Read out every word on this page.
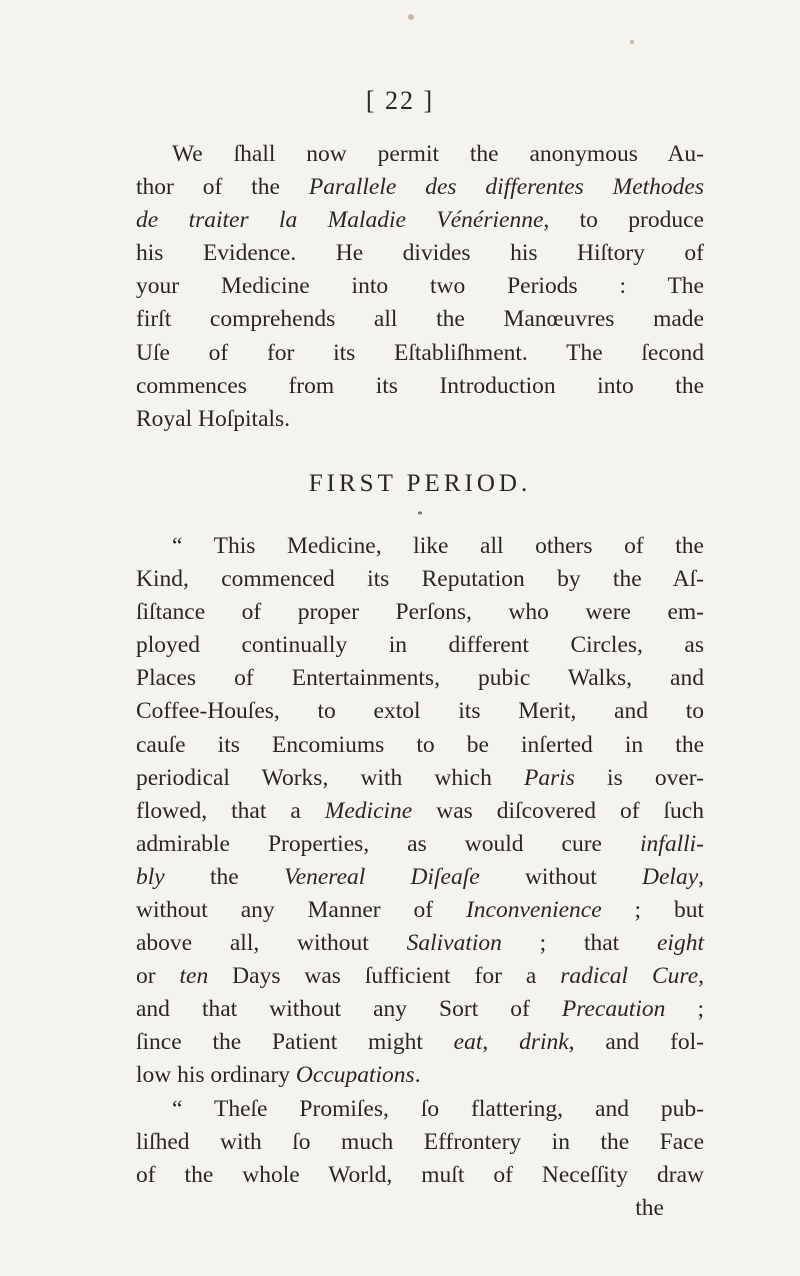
[ 22 ]
We ſhall now permit the anonymous Au-
thor of the Parallele des differentes Methodes
de traiter la Maladie Vénérienne, to produce
his Evidence. He divides his Hiſtory of
your Medicine into two Periods : The
firſt comprehends all the Manœuvres made
Uſe of for its Eſtabliſhment. The ſecond
commences from its Introduction into the
Royal Hoſpitals.
FIRST PERIOD.
*
“ This Medicine, like all others of the
Kind, commenced its Reputation by the Aſ-
ſiſtance of proper Perſons, who were em-
ployed continually in different Circles, as
Places of Entertainments, pubic Walks, and
Coffee-Houſes, to extol its Merit, and to
cauſe its Encomiums to be inſerted in the
periodical Works, with which Paris is over-
flowed, that a Medicine was diſcovered of ſuch
admirable Properties, as would cure infalli-
bly the Venereal Diſeaſe without Delay,
without any Manner of Inconvenience ; but
above all, without Salivation ; that eight
or ten Days was ſufficient for a radical Cure,
and that without any Sort of Precaution ;
ſince the Patient might eat, drink, and fol-
low his ordinary Occupations.
“ Theſe Promiſes, ſo flattering, and pub-
liſhed with ſo much Effrontery in the Face
of the whole World, muſt of Neceſſity draw
the
